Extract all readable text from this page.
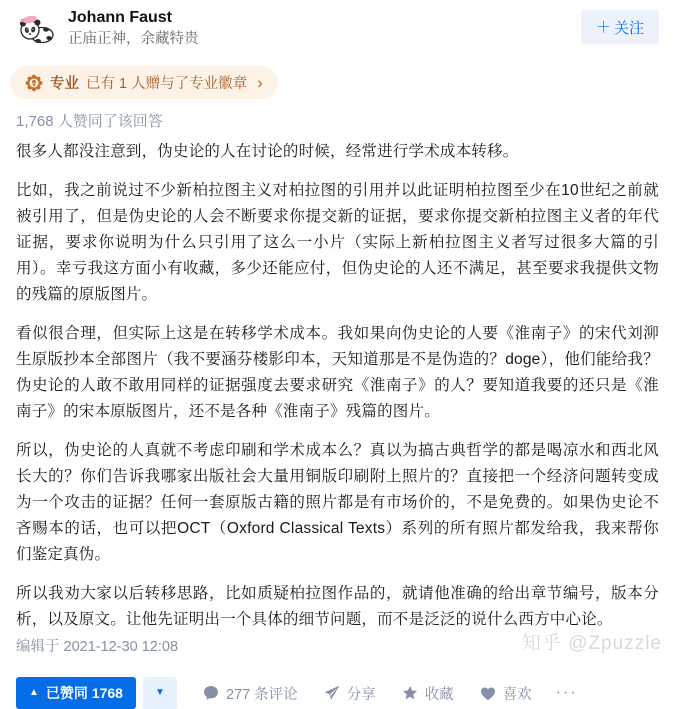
Johann Faust
正庙正神，余藏特贵
＋ 关注
专业 已有 1 人赠与了专业徽章 ›
1,768 人赞同了该回答

很多人都没注意到，伪史论的人在讨论的时候，经常进行学术成本转移。

比如，我之前说过不少新柏拉图主义对柏拉图的引用并以此证明柏拉图至少在10世纪之前就被引用了，但是伪史论的人会不断要求你提交新的证据，要求你提交新柏拉图主义者的年代证据，要求你说明为什么只引用了这么一小片（实际上新柏拉图主义者写过很多大篇的引用）。幸亏我这方面小有收藏，多少还能应付，但伪史论的人还不满足，甚至要求我提供文物的残篇的原版图片。

看似很合理，但实际上这是在转移学术成本。我如果向伪史论的人要《淮南子》的宋代刘泖生原版抄本全部图片（我不要涵芬楼影印本，天知道那是不是伪造的？doge），他们能给我？伪史论的人敢不敢用同样的证据强度去要求研究《淮南子》的人？要知道我要的还只是《淮南子》的宋本原版图片，还不是各种《淮南子》残篇的图片。

所以，伪史论的人真就不考虑印刷和学术成本么？真以为搞古典哲学的都是喝凉水和西北风长大的？你们告诉我哪家出版社会大量用铜版印刷附上照片的？直接把一个经济问题转变成为一个攻击的证据？任何一套原版古籍的照片都是有市场价的，不是免费的。如果伪史论不吝赐本的话，也可以把OCT（Oxford Classical Texts）系列的所有照片都发给我，我来帮你们鉴定真伪。

所以我劝大家以后转移思路，比如质疑柏拉图作品的，就请他准确的给出章节编号，版本分析，以及原文。让他先证明出一个具体的细节问题，而不是泛泛的说什么西方中心论。

编辑于 2021-12-30 12:08
▲ 已赞同 1768	▼	277 条评论	分享	收藏	喜欢 ···
知乎 @Zpuzzle
